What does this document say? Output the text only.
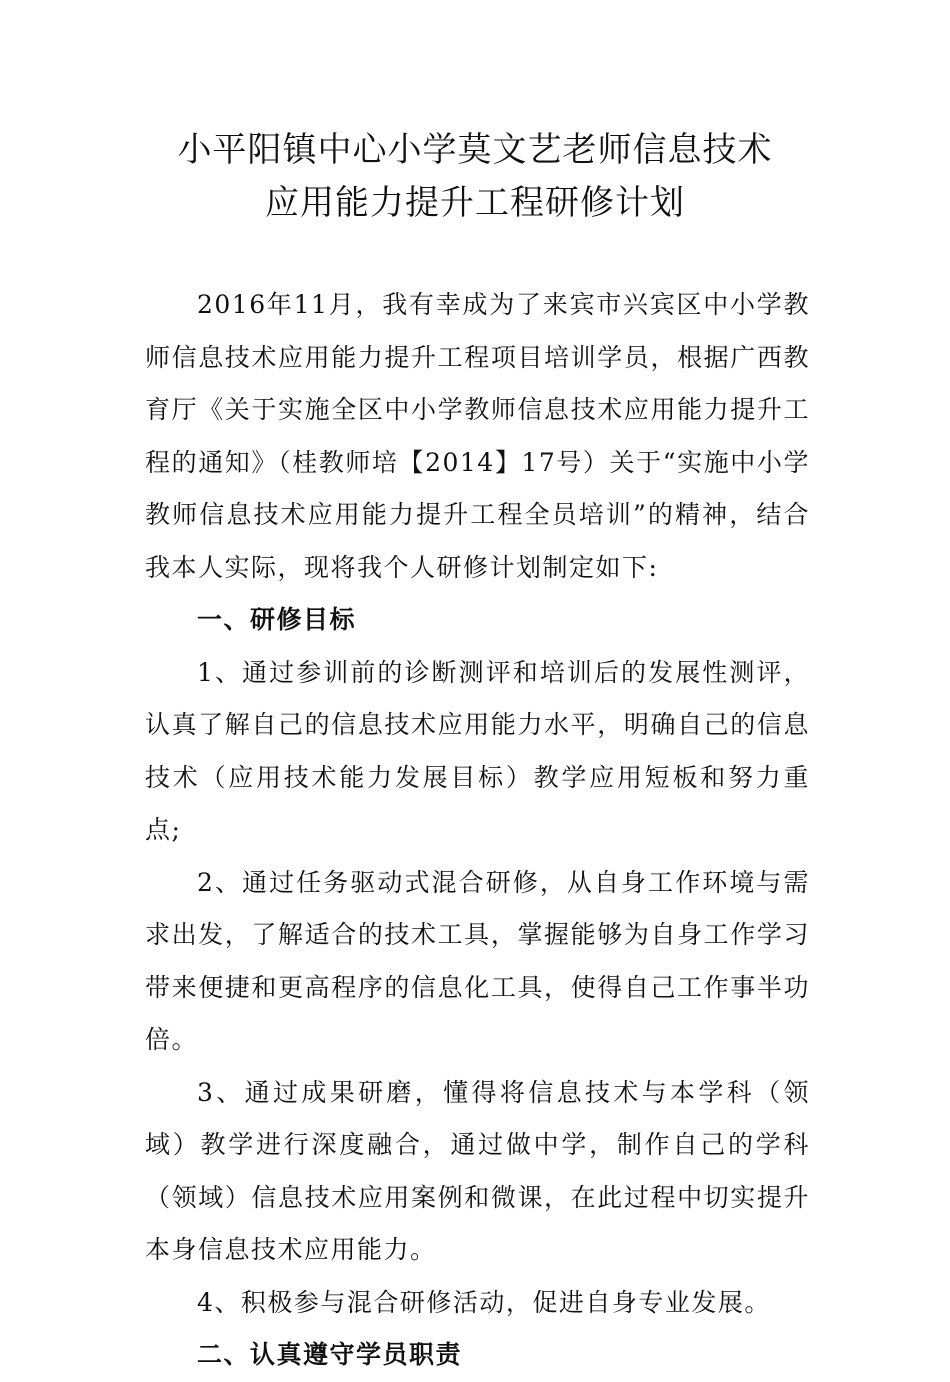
小平阳镇中心小学莫文艺老师信息技术
应用能力提升工程研修计划

2016年11月，我有幸成为了来宾市兴宾区中小学教师信息技术应用能力提升工程项目培训学员，根据广西教育厅《关于实施全区中小学教师信息技术应用能力提升工程的通知》（桂教师培【2014】17号）关于“实施中小学教师信息技术应用能力提升工程全员培训”的精神，结合我本人实际，现将我个人研修计划制定如下:

一、研修目标

1、通过参训前的诊断测评和培训后的发展性测评，认真了解自己的信息技术应用能力水平，明确自己的信息技术（应用技术能力发展目标）教学应用短板和努力重点;

2、通过任务驱动式混合研修，从自身工作环境与需求出发，了解适合的技术工具，掌握能够为自身工作学习带来便捷和更高程序的信息化工具，使得自己工作事半功倍。

3、通过成果研磨，懂得将信息技术与本学科（领域）教学进行深度融合，通过做中学，制作自己的学科（领域）信息技术应用案例和微课，在此过程中切实提升本身信息技术应用能力。

4、积极参与混合研修活动，促进自身专业发展。

二、认真遵守学员职责
